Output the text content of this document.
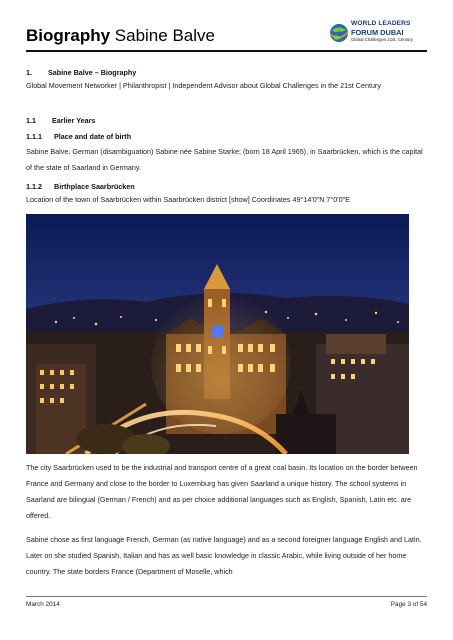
Biography Sabine Balve
WORLD LEADERS
FORUM DUBAI
Global Challenges 21st. Century
1. Sabine Balve – Biography
Global Movement Networker | Philanthropist | Independent Advisor about Global Challenges in the 21st Century
1.1 Earlier Years
1.1.1 Place and date of birth
Sabine Balve, German (disambiguation) Sabine née Sabine Starke; (born 18 April 1965), in Saarbrücken, which is the capital of the state of Saarland in Germany.
1.1.2 Birthplace Saarbrücken
Location of the town of Saarbrücken within Saarbrücken district [show] Coordinates 49°14′0″N 7°0′0″E
The city Saarbrücken used to be the industrial and transport centre of a great coal basin. Its location on the border between France and Germany and close to the border to Luxemburg has given Saarland a unique history. The school systems in Saarland are bilingual (German / French) and as per choice additional languages such as English, Spanish, Latin etc. are offered.
Sabine chose as first language French, German (as native language) and as a second foreigner language English and Latin. Later on she studied Spanish, Italian and has as well basic knowledge in classic Arabic, while living outside of her home country. The state borders France (Department of Moselle, which
March 2014	Page 3 of 54
